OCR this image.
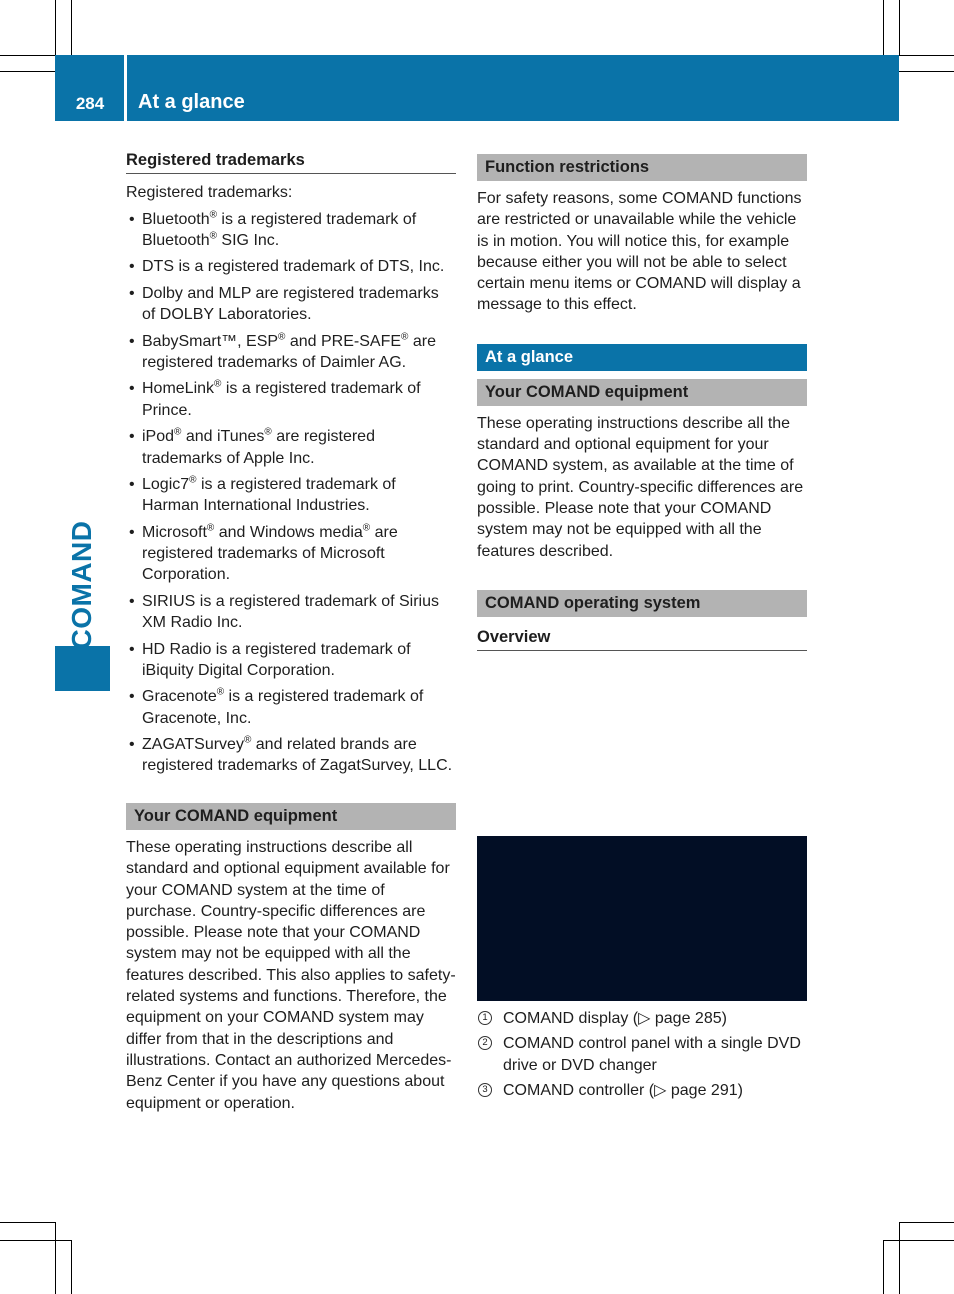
284	At a glance
COMAND
Registered trademarks

Registered trademarks:

• Bluetooth® is a registered trademark of Bluetooth® SIG Inc.
• DTS is a registered trademark of DTS, Inc.
• Dolby and MLP are registered trademarks of DOLBY Laboratories.
• BabySmart™, ESP® and PRE-SAFE® are registered trademarks of Daimler AG.
• HomeLink® is a registered trademark of Prince.
• iPod® and iTunes® are registered trademarks of Apple Inc.
• Logic7® is a registered trademark of Harman International Industries.
• Microsoft® and Windows media® are registered trademarks of Microsoft Corporation.
• SIRIUS is a registered trademark of Sirius XM Radio Inc.
• HD Radio is a registered trademark of iBiquity Digital Corporation.
• Gracenote® is a registered trademark of Gracenote, Inc.
• ZAGATSurvey® and related brands are registered trademarks of ZagatSurvey, LLC.
Your COMAND equipment

These operating instructions describe all standard and optional equipment available for your COMAND system at the time of purchase. Country-specific differences are possible. Please note that your COMAND system may not be equipped with all the features described. This also applies to safety-related systems and functions. Therefore, the equipment on your COMAND system may differ from that in the descriptions and illustrations. Contact an authorized Mercedes-Benz Center if you have any questions about equipment or operation.

Function restrictions

For safety reasons, some COMAND functions are restricted or unavailable while the vehicle is in motion. You will notice this, for example because either you will not be able to select certain menu items or COMAND will display a message to this effect.

At a glance
Your COMAND equipment

These operating instructions describe all the standard and optional equipment for your COMAND system, as available at the time of going to print. Country-specific differences are possible. Please note that your COMAND system may not be equipped with all the features described.

COMAND operating system
Overview
1 COMAND display (▷ page 285)
2 COMAND control panel with a single DVD drive or DVD changer
3 COMAND controller (▷ page 291)
